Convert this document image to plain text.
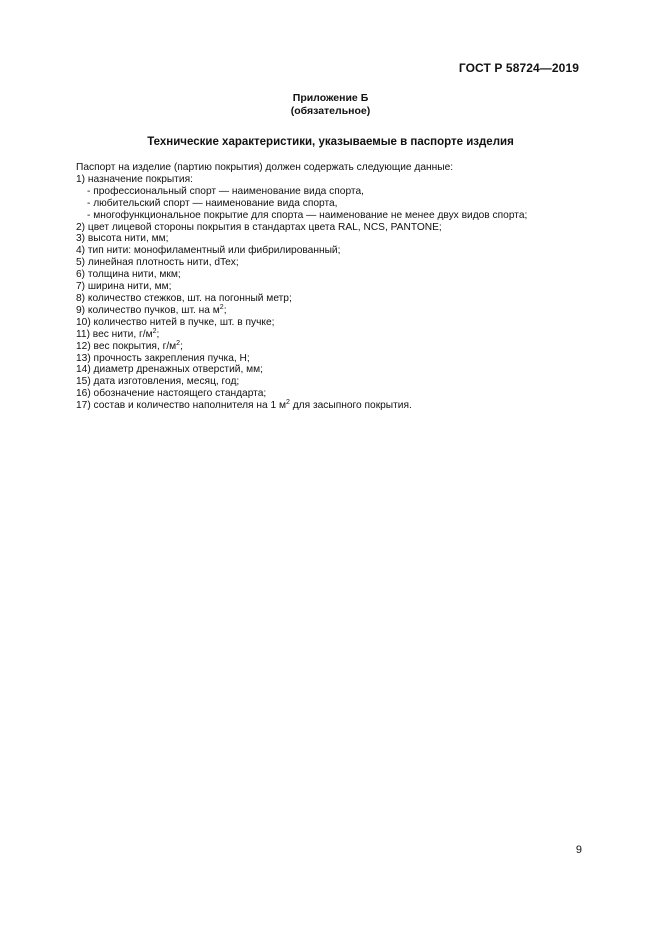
ГОСТ Р 58724—2019
Приложение Б
(обязательное)
Технические характеристики, указываемые в паспорте изделия
Паспорт на изделие (партию покрытия) должен содержать следующие данные:
1) назначение покрытия:
- профессиональный спорт — наименование вида спорта,
- любительский спорт — наименование вида спорта,
- многофункциональное покрытие для спорта — наименование не менее двух видов спорта;
2) цвет лицевой стороны покрытия в стандартах цвета RAL, NCS, PANTONE;
3) высота нити, мм;
4) тип нити: монофиламентный или фибрилированный;
5) линейная плотность нити, dTex;
6) толщина нити, мкм;
7) ширина нити, мм;
8) количество стежков, шт. на погонный метр;
9) количество пучков, шт. на $м^2$;
10) количество нитей в пучке, шт. в пучке;
11) вес нити, $г/м^2$;
12) вес покрытия, $г/м^2$;
13) прочность закрепления пучка, Н;
14) диаметр дренажных отверстий, мм;
15) дата изготовления, месяц, год;
16) обозначение настоящего стандарта;
17) состав и количество наполнителя на 1 $м^2$ для засыпного покрытия.
9
